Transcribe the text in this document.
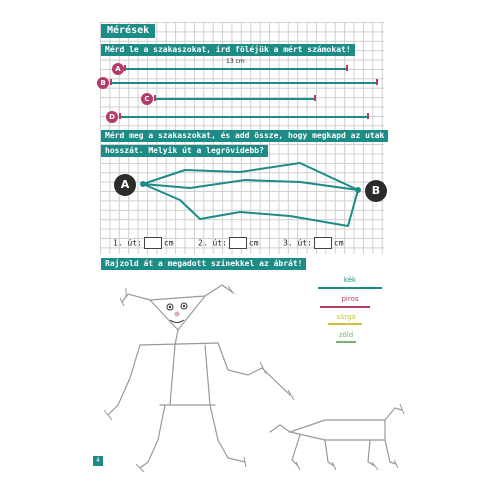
Mérések
Mérd le a szakaszokat, írd föléjük a mért számokat!
A
13 cm
B
C
D
Mérd meg a szakaszokat, és add össze, hogy megkapd az utak
hosszát. Melyik út a legrövidebb?
A	B
1. út:	cm	2. út:	cm	3. út:	cm
Rajzold át a megadott színekkel az ábrát!
kék
piros
sárga
zöld
4
